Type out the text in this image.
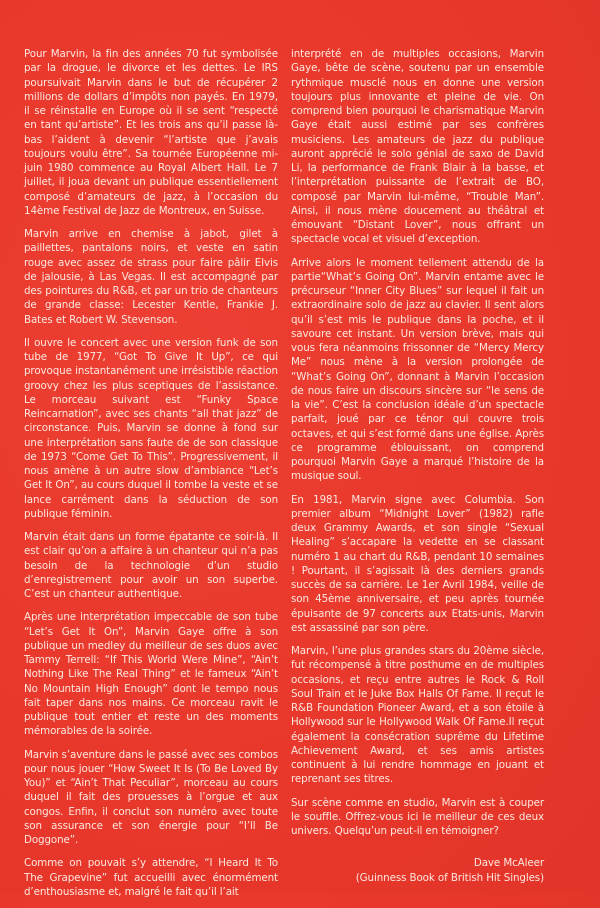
Pour Marvin, la fin des années 70 fut symbolisée par la drogue, le divorce et les dettes. Le IRS poursuivait Marvin dans le but de récupérer 2 millions de dollars d’impôts non payés. En 1979, il se réinstalle en Europe où il se sent “respecté en tant qu’artiste”. Et les trois ans qu’il passe là-bas l’aident à devenir “l’artiste que j’avais toujours voulu être”. Sa tournée Européenne mi-juin 1980 commence au Royal Albert Hall. Le 7 juillet, il joua devant un publique essentiellement composé d’amateurs de jazz, à l’occasion du 14ème Festival de Jazz de Montreux, en Suisse.

Marvin arrive en chemise à jabot, gilet à paillettes, pantalons noirs, et veste en satin rouge avec assez de strass pour faire pâlir Elvis de jalousie, à Las Vegas. Il est accompagné par des pointures du R&B, et par un trio de chanteurs de grande classe: Lecester Kentle, Frankie J. Bates et Robert W. Stevenson.

Il ouvre le concert avec une version funk de son tube de 1977, “Got To Give It Up”, ce qui provoque instantanément une irrésistible réaction groovy chez les plus sceptiques de l’assistance. Le morceau suivant est “Funky Space Reincarnation”, avec ses chants “all that jazz” de circonstance. Puis, Marvin se donne à fond sur une interprétation sans faute de de son classique de 1973 “Come Get To This”. Progressivement, il nous amène à un autre slow d’ambiance “Let’s Get It On”, au cours duquel il tombe la veste et se lance carrément dans la séduction de son publique féminin.

Marvin était dans un forme épatante ce soir-là. Il est clair qu’on a affaire à un chanteur qui n’a pas besoin de la technologie d’un studio d’enregistrement pour avoir un son superbe. C’est un chanteur authentique.

Après une interprétation impeccable de son tube “Let’s Get It On”, Marvin Gaye offre à son publique un medley du meilleur de ses duos avec Tammy Terrell: “If This World Were Mine”, “Ain’t Nothing Like The Real Thing” et le fameux “Ain’t No Mountain High Enough” dont le tempo nous fait taper dans nos mains. Ce morceau ravit le publique tout entier et reste un des moments mémorables de la soirée.

Marvin s’aventure dans le passé avec ses combos pour nous jouer “How Sweet It Is (To Be Loved By You)” et “Ain’t That Peculiar”, morceau au cours duquel il fait des prouesses à l’orgue et aux congos. Enfin, il conclut son numéro avec toute son assurance et son énergie pour “I’ll Be Doggone”.

Comme on pouvait s’y attendre, “I Heard It To The Grapevine” fut accueilli avec énormément d’enthousiasme et, malgré le fait qu’il l’ait

interprété en de multiples occasions, Marvin Gaye, bête de scène, soutenu par un ensemble rythmique musclé nous en donne une version toujours plus innovante et pleine de vie. On comprend bien pourquoi le charismatique Marvin Gaye était aussi estimé par ses confrères musiciens. Les amateurs de jazz du publique auront apprécié le solo génial de saxo de David Li, la performance de Frank Blair à la basse, et l’interprétation puissante de l’extrait de BO, composé par Marvin lui-même, “Trouble Man”. Ainsi, il nous mène doucement au théâtral et émouvant “Distant Lover”, nous offrant un spectacle vocal et visuel d’exception.

Arrive alors le moment tellement attendu de la partie“What’s Going On”. Marvin entame avec le précurseur “Inner City Blues” sur lequel il fait un extraordinaire solo de jazz au clavier. Il sent alors qu’il s’est mis le publique dans la poche, et il savoure cet instant. Un version brève, mais qui vous fera néanmoins frissonner de “Mercy Mercy Me” nous mène à la version prolongée de “What’s Going On”, donnant à Marvin l’occasion de nous faire un discours sincère sur “le sens de la vie”. C’est la conclusion idéale d’un spectacle parfait, joué par ce ténor qui couvre trois octaves, et qui s’est formé dans une église. Après ce programme éblouissant, on comprend pourquoi Marvin Gaye a marqué l’histoire de la musique soul.

En 1981, Marvin signe avec Columbia. Son premier album “Midnight Lover” (1982) rafle deux Grammy Awards, et son single “Sexual Healing” s’accapare la vedette en se classant numéro 1 au chart du R&B, pendant 10 semaines ! Pourtant, il s’agissait là des derniers grands succès de sa carrière. Le 1er Avril 1984, veille de son 45ème anniversaire, et peu après tournée épuisante de 97 concerts aux Etats-unis, Marvin est assassiné par son père.

Marvin, l’une plus grandes stars du 20ème siècle, fut récompensé à titre posthume en de multiples occasions, et reçu entre autres le Rock & Roll Soul Train et le Juke Box Halls Of Fame. Il reçut le R&B Foundation Pioneer Award, et a son étoile à Hollywood sur le Hollywood Walk Of Fame.Il reçut également la consécration suprême du Lifetime Achievement Award, et ses amis artistes continuent à lui rendre hommage en jouant et reprenant ses titres.

Sur scène comme en studio, Marvin est à couper le souffle. Offrez-vous ici le meilleur de ces deux univers. Quelqu’un peut-il en témoigner?

Dave McAleer
(Guinness Book of British Hit Singles)
